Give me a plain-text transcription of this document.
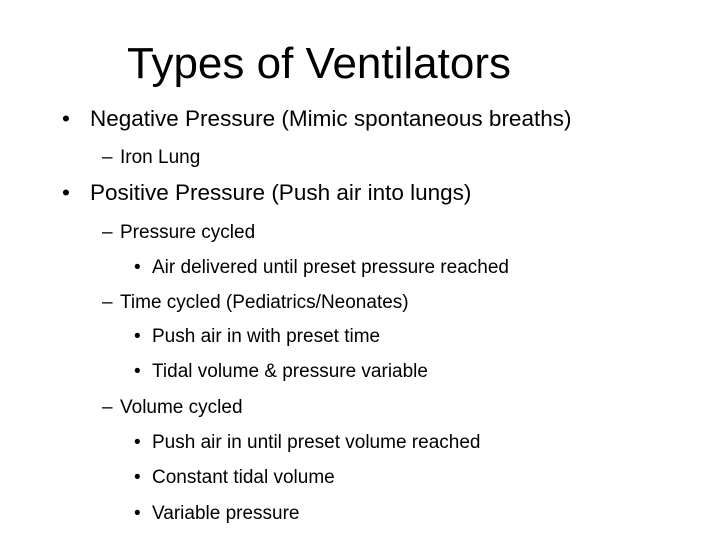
Types of Ventilators
• Negative Pressure (Mimic spontaneous breaths)
– Iron Lung
• Positive Pressure (Push air into lungs)
– Pressure cycled
• Air delivered until preset pressure reached
– Time cycled (Pediatrics/Neonates)
• Push air in with preset time
• Tidal volume & pressure variable
– Volume cycled
• Push air in until preset volume reached
• Constant tidal volume
• Variable pressure
